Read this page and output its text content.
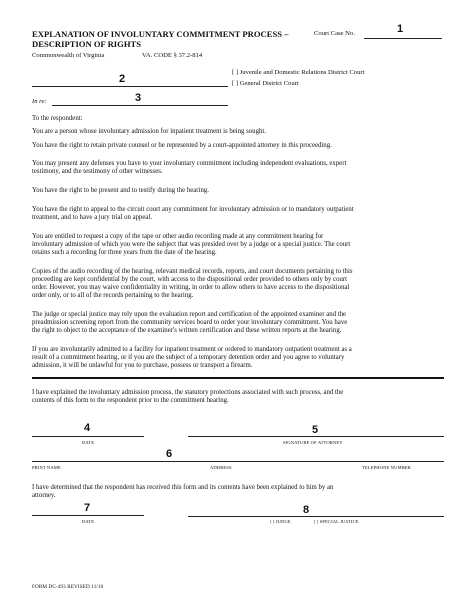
EXPLANATION OF INVOLUNTARY COMMITMENT PROCESS –
DESCRIPTION OF RIGHTS
Court Case No.	1
Commonwealth of Virginia	VA. CODE § 37.2-814
2
[ ] Juvenile and Domestic Relations District Court
[ ] General District Court
In re:	3
To the respondent:
You are a person whose involuntary admission for inpatient treatment is being sought.
You have the right to retain private counsel or be represented by a court-appointed attorney in this proceeding.
You may present any defenses you have to your involuntary commitment including independent evaluations, expert
testimony, and the testimony of other witnesses.
You have the right to be present and to testify during the hearing.
You have the right to appeal to the circuit court any commitment for involuntary admission or to mandatory outpatient
treatment, and to have a jury trial on appeal.
You are entitled to request a copy of the tape or other audio recording made at any commitment hearing for
involuntary admission of which you were the subject that was presided over by a judge or a special justice. The court
retains such a recording for three years from the date of the hearing.
Copies of the audio recording of the hearing, relevant medical records, reports, and court documents pertaining to this
proceeding are kept confidential by the court, with access to the dispositional order provided to others only by court
order. However, you may waive confidentiality in writing, in order to allow others to have access to the dispositional
order only, or to all of the records pertaining to the hearing.
The judge or special justice may rely upon the evaluation report and certification of the appointed examiner and the
preadmission screening report from the community services board to order your involuntary commitment. You have
the right to object to the acceptance of the examiner's written certification and these written reports at the hearing.
If you are involuntarily admitted to a facility for inpatient treatment or ordered to mandatory outpatient treatment as a
result of a commitment hearing, or if you are the subject of a temporary detention order and you agree to voluntary
admission, it will be unlawful for you to purchase, possess or transport a firearm.
I have explained the involuntary admission process, the statutory protections associated with such process, and the
contents of this form to the respondent prior to the commitment hearing.
4
DATE
5
SIGNATURE OF ATTORNEY
6
PRINT NAME	ADDRESS	TELEPHONE NUMBER
I have determined that the respondent has received this form and its contents have been explained to him by an
attorney.
7
DATE
8
[ ] JUDGE	[ ] SPECIAL JUSTICE
FORM DC-493 REVISED 11/10
